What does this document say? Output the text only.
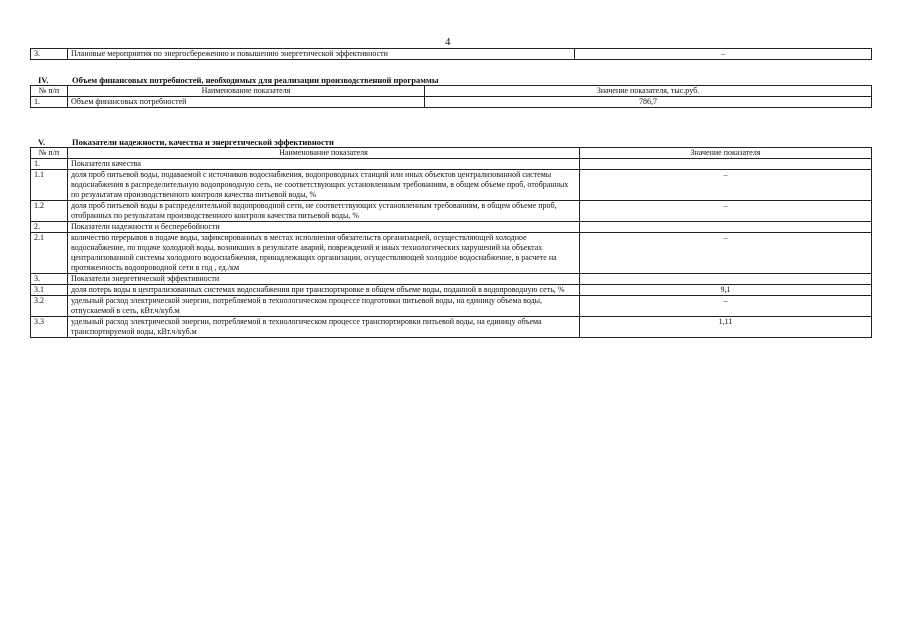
4
3.	Плановые мероприятия по энергосбережению и повышению энергетической эффективности	–
IV.	Объем финансовых потребностей, необходимых для реализации производственной программы
№ п/п	Наименование показателя	Значение показателя, тыс.руб.
1.	Объем финансовых потребностей	786,7
V.	Показатели надежности, качества и энергетической эффективности
№ п/п	Наименование показателя	Значение показателя
1.	Показатели качества	
1.1	доля проб питьевой воды, подаваемой с источников водоснабжения, водопроводных станций или иных объектов централизованной системы водоснабжения в распределительную водопроводную сеть, не соответствующих установленным требованиям, в общем объеме проб, отобранных по результатам производственного контроля качества питьевой воды, %	–
1.2	доля проб питьевой воды в распределительной водопроводной сети, не соответствующих установленным требованиям, в общем объеме проб, отобранных по результатам производственного контроля качества питьевой воды, %	–
2.	Показатели надежности и бесперебойности	
2.1	количество перерывов в подаче воды, зафиксированных в местах исполнения обязательств организацией, осуществляющей холодное водоснабжение, по подаче холодной воды, возникших в результате аварий, повреждений и иных технологических нарушений на объектах централизованной системы холодного водоснабжения, принадлежащих организации, осуществляющей холодное водоснабжение, в расчете на протяженность водопроводной сети в год , ед./км	–
3.	Показатели энергетической эффективности	
3.1	доля потерь воды в централизованных системах водоснабжения при транспортировке в общем объеме воды, поданной в водопроводную сеть, %	9,1
3.2	удельный расход электрической энергии, потребляемой в технологическом процессе подготовки питьевой воды, на единицу объема воды, отпускаемой в сеть, кВт.ч/куб.м	–
3.3	удельный расход электрической энергии, потребляемой в технологическом процессе транспортировки питьевой воды, на единицу объема транспортируемой воды, кВт.ч/куб.м	1,11
